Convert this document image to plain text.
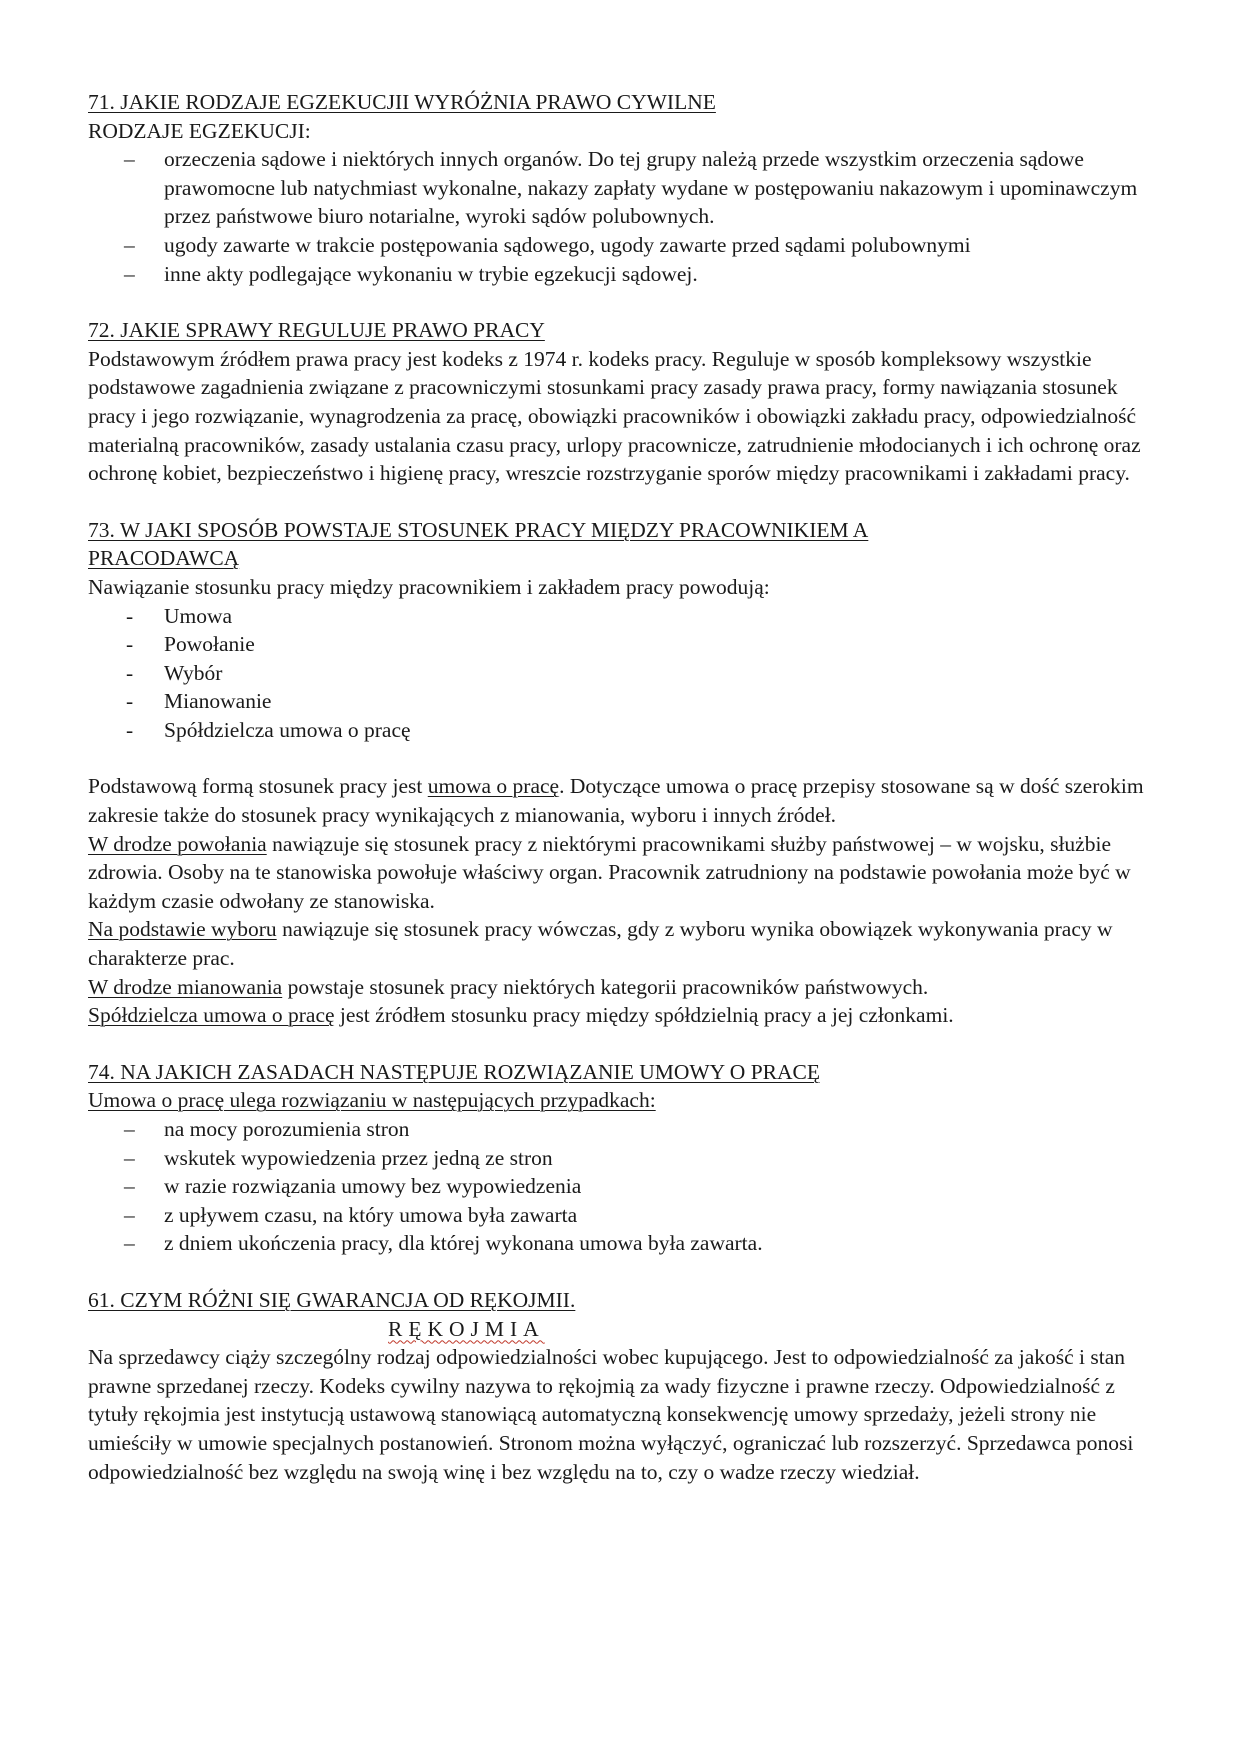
71. JAKIE RODZAJE EGZEKUCJII WYRÓŻNIA PRAWO CYWILNE

RODZAJE EGZEKUCJI:

– orzeczenia sądowe i niektórych innych organów. Do tej grupy należą przede wszystkim orzeczenia sądowe prawomocne lub natychmiast wykonalne, nakazy zapłaty wydane w postępowaniu nakazowym i upominawczym przez państwowe biuro notarialne, wyroki sądów polubownych.
– ugody zawarte w trakcie postępowania sądowego, ugody zawarte przed sądami polubownymi
– inne akty podlegające wykonaniu w trybie egzekucji sądowej.

72. JAKIE SPRAWY REGULUJE PRAWO PRACY

Podstawowym źródłem prawa pracy jest kodeks z 1974 r. kodeks pracy. Reguluje w sposób kompleksowy wszystkie podstawowe zagadnienia związane z pracowniczymi stosunkami pracy zasady prawa pracy, formy nawiązania stosunek pracy i jego rozwiązanie, wynagrodzenia za pracę, obowiązki pracowników i obowiązki zakładu pracy, odpowiedzialność materialną pracowników, zasady ustalania czasu pracy, urlopy pracownicze, zatrudnienie młodocianych i ich ochronę oraz ochronę kobiet, bezpieczeństwo i higienę pracy, wreszcie rozstrzyganie sporów między pracownikami i zakładami pracy.

73. W JAKI SPOSÓB POWSTAJE STOSUNEK PRACY MIĘDZY PRACOWNIKIEM A
PRACODAWCĄ

Nawiązanie stosunku pracy między pracownikiem i zakładem pracy powodują:

- Umowa
- Powołanie
- Wybór
- Mianowanie
- Spółdzielcza umowa o pracę

Podstawową formą stosunek pracy jest umowa o pracę. Dotyczące umowa o pracę przepisy stosowane są w dość szerokim zakresie także do stosunek pracy wynikających z mianowania, wyboru i innych źródeł.

W drodze powołania nawiązuje się stosunek pracy z niektórymi pracownikami służby państwowej – w wojsku, służbie zdrowia. Osoby na te stanowiska powołuje właściwy organ. Pracownik zatrudniony na podstawie powołania może być w każdym czasie odwołany ze stanowiska.

Na podstawie wyboru nawiązuje się stosunek pracy wówczas, gdy z wyboru wynika obowiązek wykonywania pracy w charakterze prac.

W drodze mianowania powstaje stosunek pracy niektórych kategorii pracowników państwowych.

Spółdzielcza umowa o pracę jest źródłem stosunku pracy między spółdzielnią pracy a jej członkami.

74. NA JAKICH ZASADACH NASTĘPUJE ROZWIĄZANIE UMOWY O PRACĘ

Umowa o pracę ulega rozwiązaniu w następujących przypadkach:

– na mocy porozumienia stron
– wskutek wypowiedzenia przez jedną ze stron
– w razie rozwiązania umowy bez wypowiedzenia
– z upływem czasu, na który umowa była zawarta
– z dniem ukończenia pracy, dla której wykonana umowa była zawarta.

61. CZYM RÓŻNI SIĘ GWARANCJA OD RĘKOJMII.

RĘKOJMIA

Na sprzedawcy ciąży szczególny rodzaj odpowiedzialności wobec kupującego. Jest to odpowiedzialność za jakość i stan prawne sprzedanej rzeczy. Kodeks cywilny nazywa to rękojmią za wady fizyczne i prawne rzeczy. Odpowiedzialność z tytuły rękojmia jest instytucją ustawową stanowiącą automatyczną konsekwencję umowy sprzedaży, jeżeli strony nie umieściły w umowie specjalnych postanowień. Stronom można wyłączyć, ograniczać lub rozszerzyć. Sprzedawca ponosi odpowiedzialność bez względu na swoją winę i bez względu na to, czy o wadze rzeczy wiedział.
